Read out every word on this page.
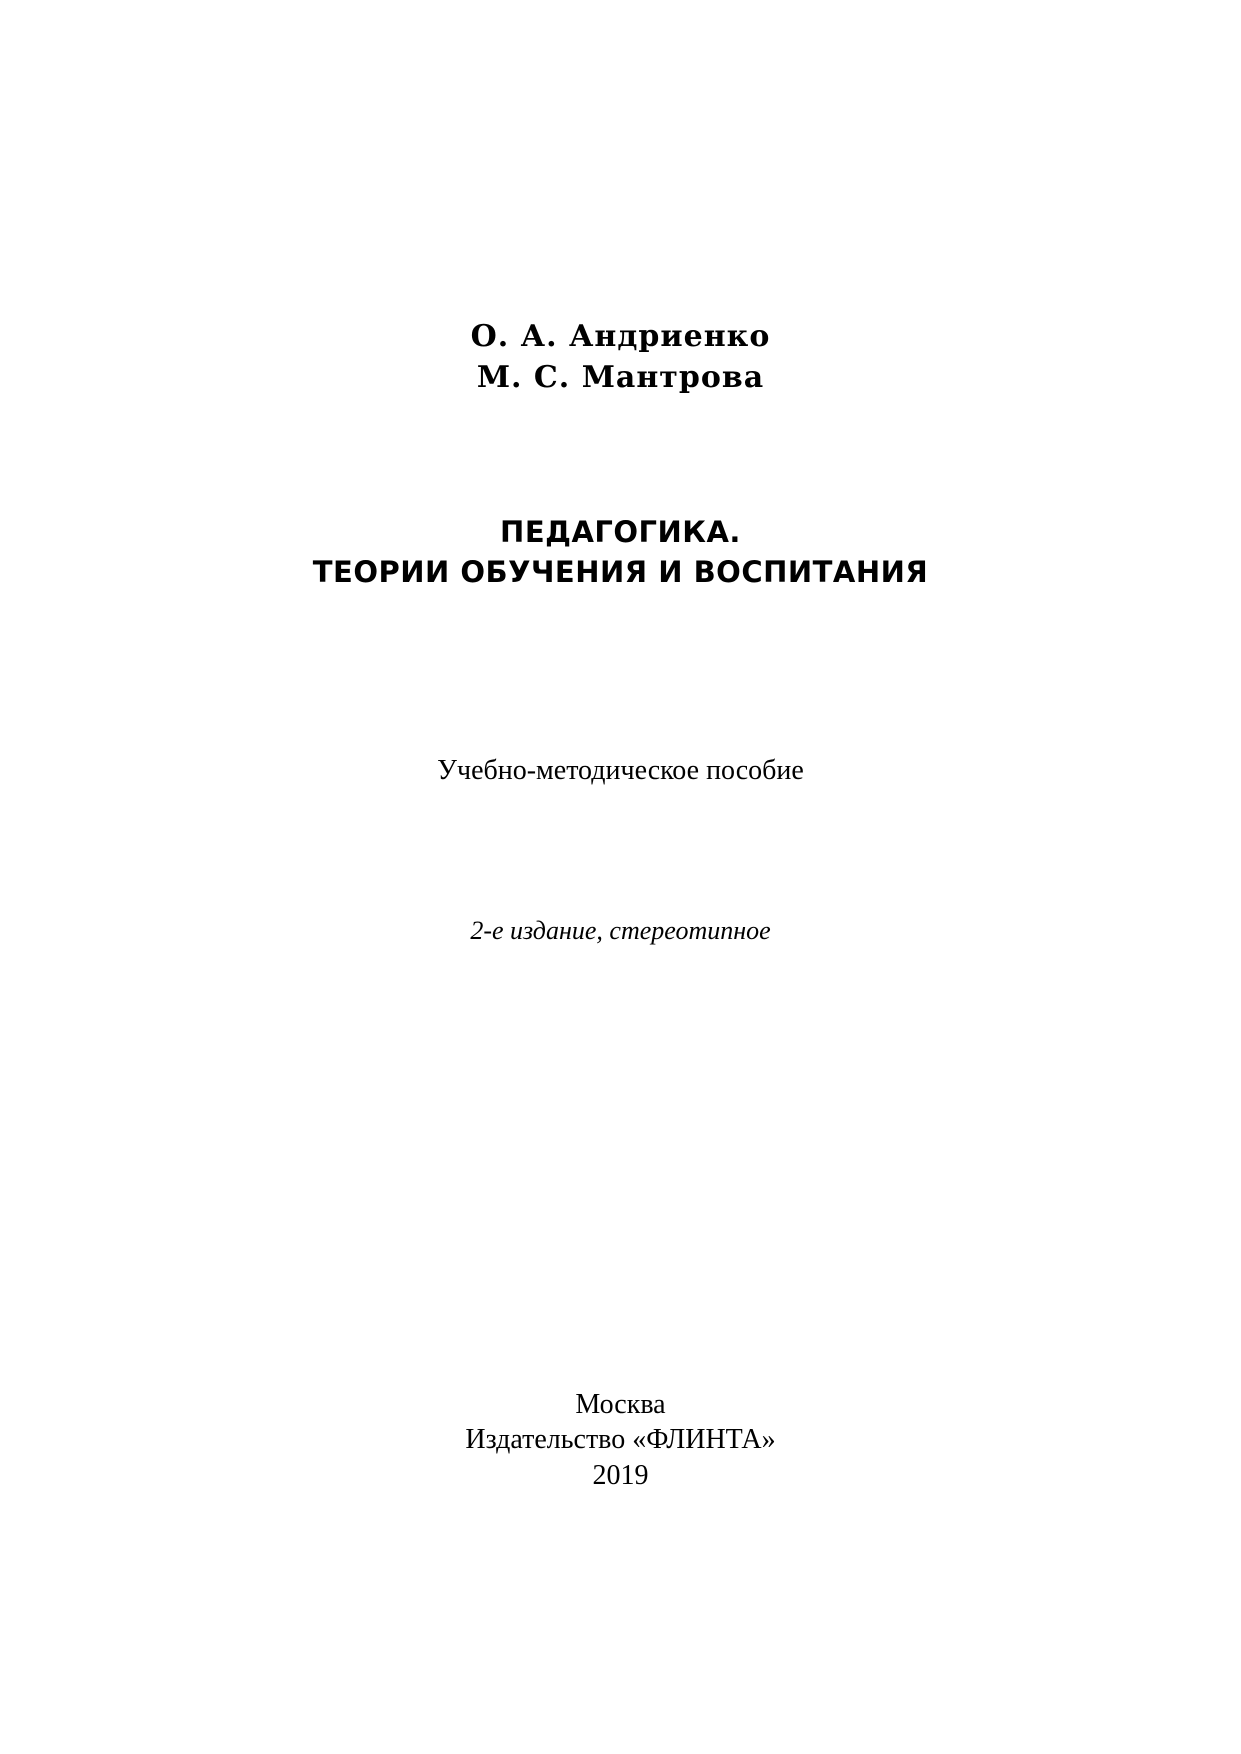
О. А. Андриенко
М. С. Мантрова
ПЕДАГОГИКА.
ТЕОРИИ ОБУЧЕНИЯ И ВОСПИТАНИЯ
Учебно-методическое пособие
2-е издание, стереотипное
Москва
Издательство «ФЛИНТА»
2019
